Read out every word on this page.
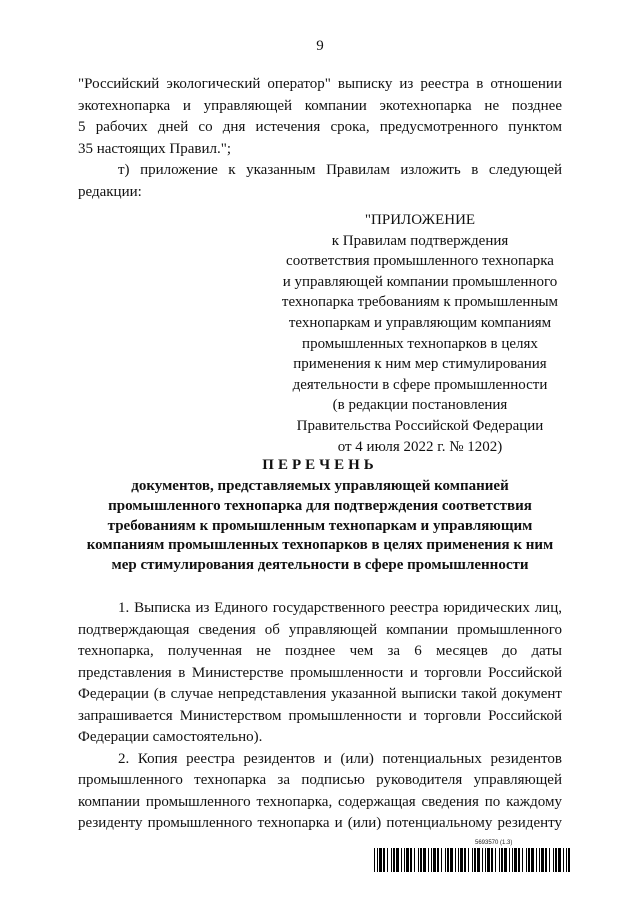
9
"Российский экологический оператор" выписку из реестра в отношении
экотехнопарка и управляющей компании экотехнопарка не позднее
5 рабочих дней со дня истечения срока, предусмотренного пунктом
35 настоящих Правил.";
т) приложение к указанным Правилам изложить в следующей
редакции:
"ПРИЛОЖЕНИЕ
к Правилам подтверждения
соответствия промышленного технопарка
и управляющей компании промышленного
технопарка требованиям к промышленным
технопаркам и управляющим компаниям
промышленных технопарков в целях
применения к ним мер стимулирования
деятельности в сфере промышленности
(в редакции постановления
Правительства Российской Федерации
от 4 июля 2022 г. № 1202)
ПЕРЕЧЕНЬ
документов, представляемых управляющей компанией
промышленного технопарка для подтверждения соответствия
требованиям к промышленным технопаркам и управляющим
компаниям промышленных технопарков в целях применения к ним
мер стимулирования деятельности в сфере промышленности
1. Выписка из Единого государственного реестра юридических лиц,
подтверждающая сведения об управляющей компании промышленного
технопарка, полученная не позднее чем за 6 месяцев до даты
представления в Министерстве промышленности и торговли Российской
Федерации (в случае непредставления указанной выписки такой документ
запрашивается Министерством промышленности и торговли Российской
Федерации самостоятельно).
2. Копия реестра резидентов и (или) потенциальных резидентов
промышленного технопарка за подписью руководителя управляющей
компании промышленного технопарка, содержащая сведения по каждому
резиденту промышленного технопарка и (или) потенциальному резиденту
5693570 (1.3)
